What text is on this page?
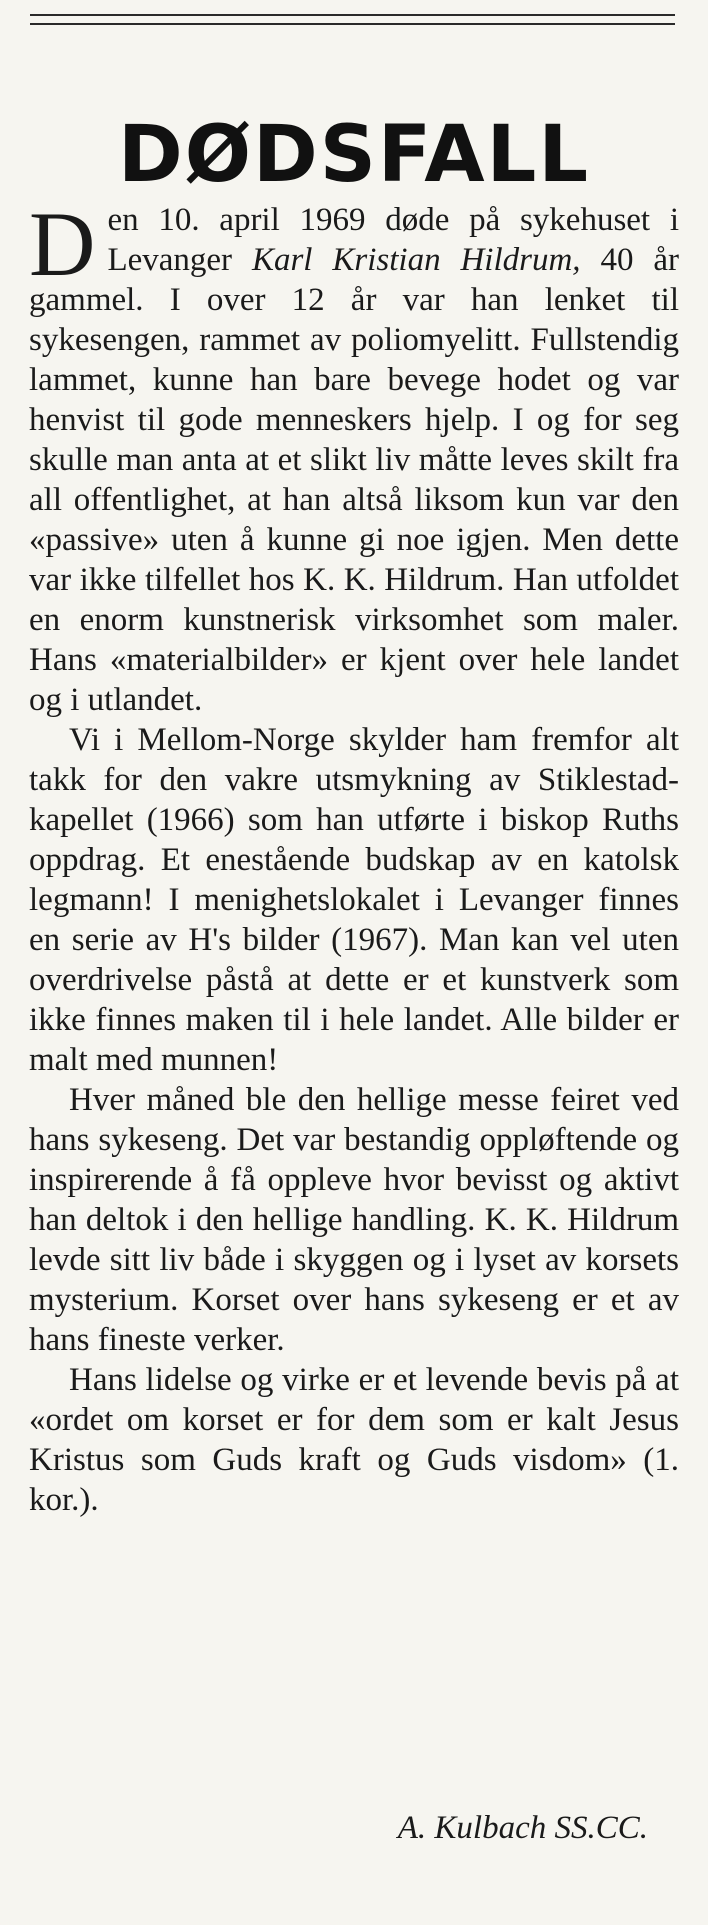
DØDSFALL

Den 10. april 1969 døde på sykehuset i Levanger Karl Kristian Hildrum, 40 år gammel. I over 12 år var han lenket til sykesengen, rammet av poliomyelitt. Fullstendig lammet, kunne han bare bevege hodet og var henvist til gode menneskers hjelp. I og for seg skulle man anta at et slikt liv måtte leves skilt fra all offentlighet, at han altså liksom kun var den «passive» uten å kunne gi noe igjen. Men dette var ikke tilfellet hos K. K. Hildrum. Han utfoldet en enorm kunstnerisk virksomhet som maler. Hans «materialbilder» er kjent over hele landet og i utlandet.

Vi i Mellom-Norge skylder ham fremfor alt takk for den vakre utsmykning av Stiklestad-kapellet (1966) som han utførte i biskop Ruths oppdrag. Et enestående budskap av en katolsk legmann! I menighetslokalet i Levanger finnes en serie av H's bilder (1967). Man kan vel uten overdrivelse påstå at dette er et kunstverk som ikke finnes maken til i hele landet. Alle bilder er malt med munnen!

Hver måned ble den hellige messe feiret ved hans sykeseng. Det var bestandig oppløftende og inspirerende å få oppleve hvor bevisst og aktivt han deltok i den hellige handling. K. K. Hildrum levde sitt liv både i skyggen og i lyset av korsets mysterium. Korset over hans sykeseng er et av hans fineste verker.

Hans lidelse og virke er et levende bevis på at «ordet om korset er for dem som er kalt Jesus Kristus som Guds kraft og Guds visdom» (1. kor.).

A. Kulbach SS.CC.
